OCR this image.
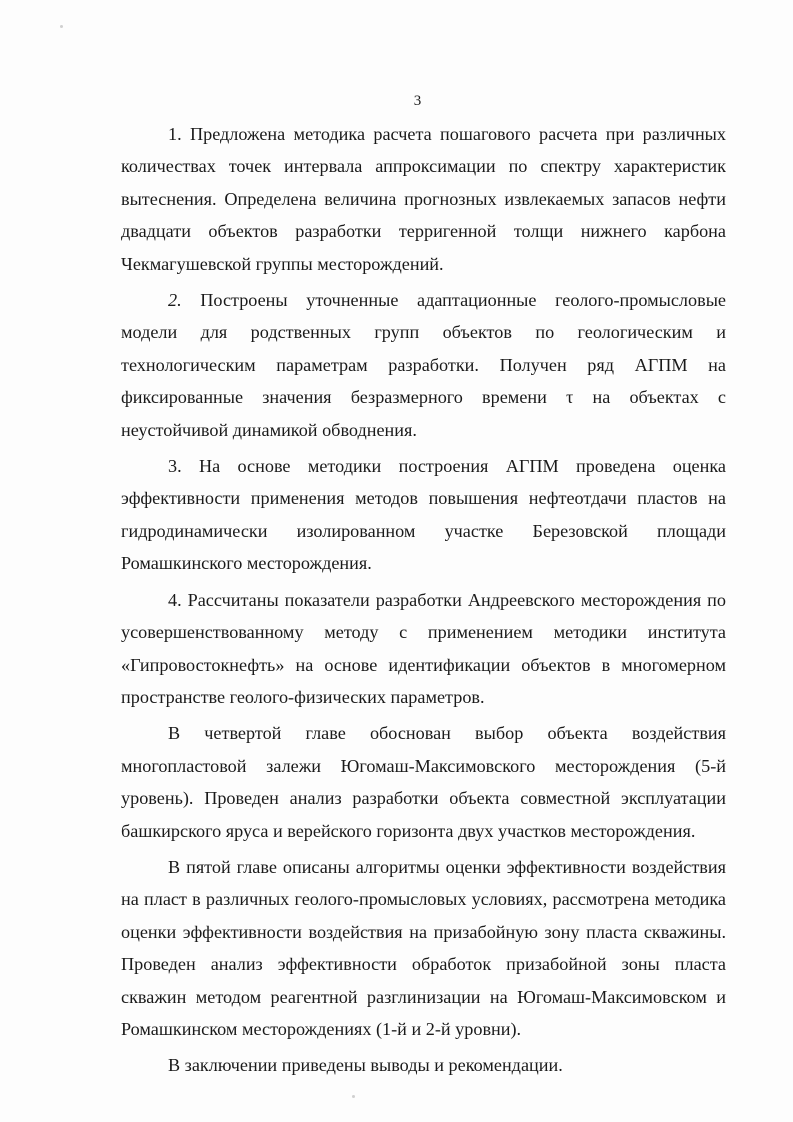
3

1. Предложена методика расчета пошагового расчета при различных количествах точек интервала аппроксимации по спектру характеристик вытеснения. Определена величина прогнозных извлекаемых запасов нефти двадцати объектов разработки терригенной толщи нижнего карбона Чекмагушевской группы месторождений.

2. Построены уточненные адаптационные геолого-промысловые модели для родственных групп объектов по геологическим и технологическим параметрам разработки. Получен ряд АГПМ на фиксированные значения безразмерного времени τ на объектах с неустойчивой динамикой обводнения.

3. На основе методики построения АГПМ проведена оценка эффективности применения методов повышения нефтеотдачи пластов на гидродинамически изолированном участке Березовской площади Ромашкинского месторождения.

4. Рассчитаны показатели разработки Андреевского месторождения по усовершенствованному методу с применением методики института «Гипровостокнефть» на основе идентификации объектов в многомерном пространстве геолого-физических параметров.

В четвертой главе обоснован выбор объекта воздействия многопластовой залежи Югомаш-Максимовского месторождения (5-й уровень). Проведен анализ разработки объекта совместной эксплуатации башкирского яруса и верейского горизонта двух участков месторождения.

В пятой главе описаны алгоритмы оценки эффективности воздействия на пласт в различных геолого-промысловых условиях, рассмотрена методика оценки эффективности воздействия на призабойную зону пласта скважины. Проведен анализ эффективности обработок призабойной зоны пласта скважин методом реагентной разглинизации на Югомаш-Максимовском и Ромашкинском месторождениях (1-й и 2-й уровни).

В заключении приведены выводы и рекомендации.
